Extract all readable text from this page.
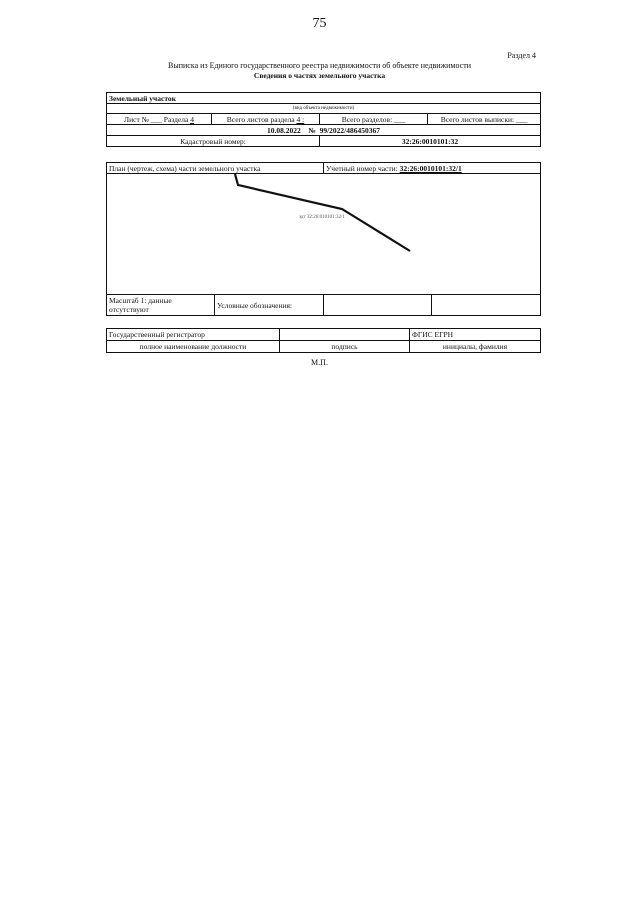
75
Раздел 4
Выписка из Единого государственного реестра недвижимости об объекте недвижимости
Сведения о частях земельного участка
Земельный участок			
(вид объекта недвижимости)			
Лист № ___ Раздела 4	Всего листов раздела 4 :	Всего разделов: ___	Всего листов выписки: ___
10.08.2022 № 99/2022/486450367			
Кадастровый номер:		32:26:0010101:32	
План (чертеж, схема) части земельного участка		Учетный номер части: 32:26:0010101:32/1	

эдт 32:26:010101:32/1			

Масштаб 1: данные отсутствуют	Условные обозначения:		
Государственный регистратор		ФГИС ЕГРН
полное наименование должности	подпись	инициалы, фамилия
М.П.
